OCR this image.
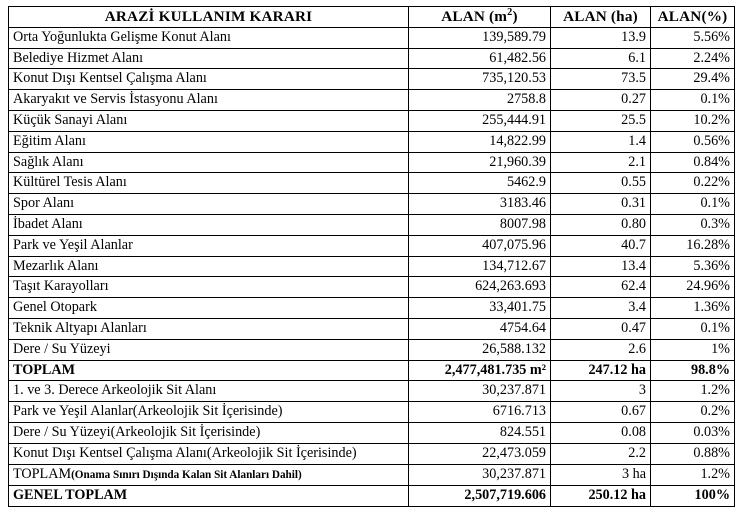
ARAZİ KULLANIM KARARI	ALAN $(m^2)$	ALAN (ha)	ALAN(%)
Orta Yoğunlukta Gelişme Konut Alanı	139,589.79	13.9	5.56%
Belediye Hizmet Alanı	61,482.56	6.1	2.24%
Konut Dışı Kentsel Çalışma Alanı	735,120.53	73.5	29.4%
Akaryakıt ve Servis İstasyonu Alanı	2758.8	0.27	0.1%
Küçük Sanayi Alanı	255,444.91	25.5	10.2%
Eğitim Alanı	14,822.99	1.4	0.56%
Sağlık Alanı	21,960.39	2.1	0.84%
Kültürel Tesis Alanı	5462.9	0.55	0.22%
Spor Alanı	3183.46	0.31	0.1%
İbadet Alanı	8007.98	0.80	0.3%
Park ve Yeşil Alanlar	407,075.96	40.7	16.28%
Mezarlık Alanı	134,712.67	13.4	5.36%
Taşıt Karayolları	624,263.693	62.4	24.96%
Genel Otopark	33,401.75	3.4	1.36%
Teknik Altyapı Alanları	4754.64	0.47	0.1%
Dere / Su Yüzeyi	26,588.132	2.6	1%
TOPLAM	2,477,481.735 m²	247.12 ha	98.8%
1. ve 3. Derece Arkeolojik Sit Alanı	30,237.871	3	1.2%
Park ve Yeşil Alanlar(Arkeolojik Sit İçerisinde)	6716.713	0.67	0.2%
Dere / Su Yüzeyi(Arkeolojik Sit İçerisinde)	824.551	0.08	0.03%
Konut Dışı Kentsel Çalışma Alanı(Arkeolojik Sit İçerisinde)	22,473.059	2.2	0.88%
TOPLAM(Onama Sınırı Dışında Kalan Sit Alanları Dahil)	30,237.871	3 ha	1.2%
GENEL TOPLAM	2,507,719.606	250.12 ha	100%
